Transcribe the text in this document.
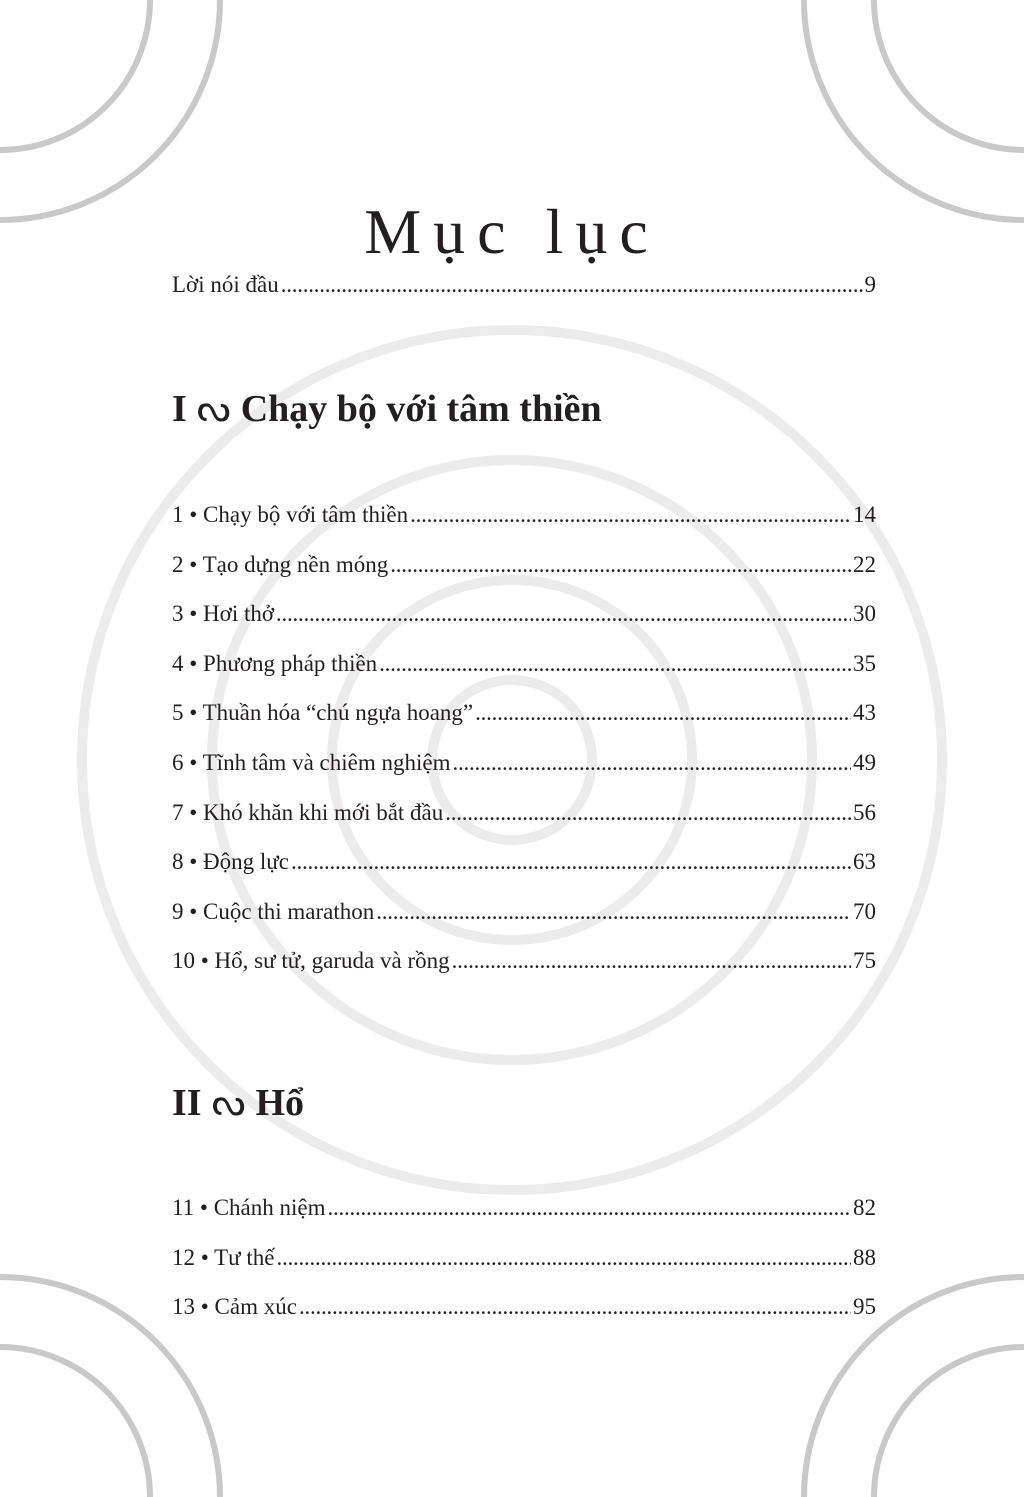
Mục lục
Lời nói đầu . . .	9
I ᔓ Chạy bộ với tâm thiền
1 • Chạy bộ với tâm thiền . . .	14
2 • Tạo dựng nền móng . . .	22
3 • Hơi thở . . .	30
4 • Phương pháp thiền . . .	35
5 • Thuần hóa “chú ngựa hoang” . . .	43
6 • Tĩnh tâm và chiêm nghiệm . . .	49
7 • Khó khăn khi mới bắt đầu . . .	56
8 • Động lực . . .	63
9 • Cuộc thi marathon . . .	70
10 • Hổ, sư tử, garuda và rồng . . .	75
II ᔓ Hổ
11 • Chánh niệm . . .	82
12 • Tư thế . . .	88
13 • Cảm xúc . . .	95
